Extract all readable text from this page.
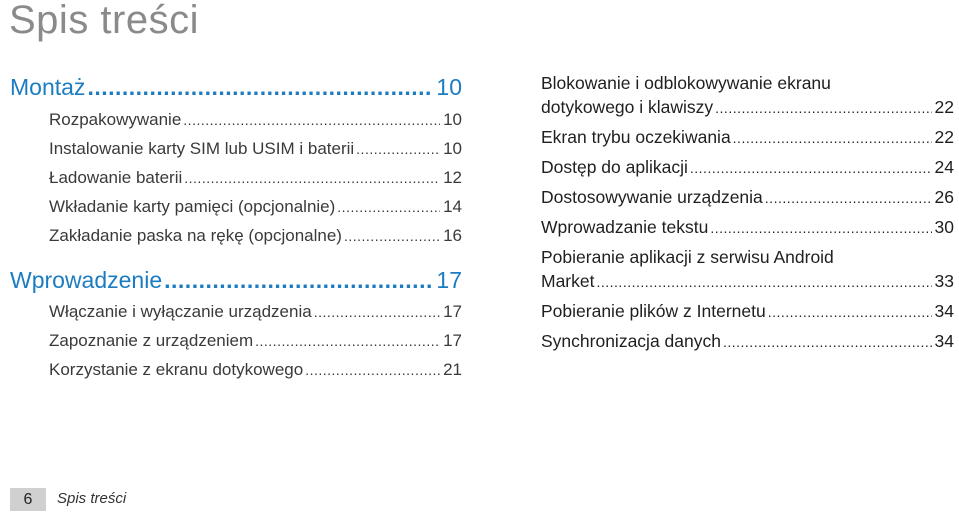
Spis treści
Montaż .....	10
Rozpakowywanie .....	10
Instalowanie karty SIM lub USIM i baterii .....	10
Ładowanie baterii .....	12
Wkładanie karty pamięci (opcjonalnie) .....	14
Zakładanie paska na rękę (opcjonalne) .....	16
Wprowadzenie .....	17
Włączanie i wyłączanie urządzenia .....	17
Zapoznanie z urządzeniem .....	17
Korzystanie z ekranu dotykowego .....	21
Blokowanie i odblokowywanie ekranu
dotykowego i klawiszy .....	22
Ekran trybu oczekiwania .....	22
Dostęp do aplikacji .....	24
Dostosowywanie urządzenia .....	26
Wprowadzanie tekstu .....	30
Pobieranie aplikacji z serwisu Android
Market .....	33
Pobieranie plików z Internetu .....	34
Synchronizacja danych .....	34
6	Spis treści
